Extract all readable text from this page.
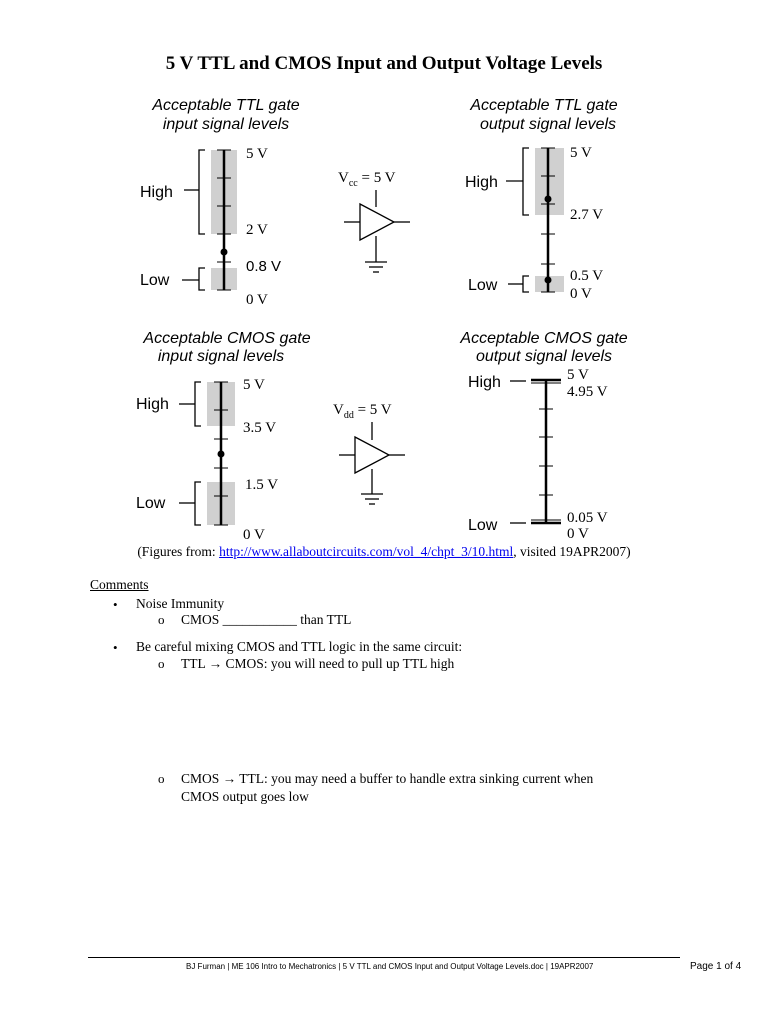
5 V TTL and CMOS Input and Output Voltage Levels
Acceptable TTL gate
input signal levels
Acceptable TTL gate
output signal levels
Acceptable CMOS gate
input signal levels
Acceptable CMOS gate
output signal levels
High
Low
5 V
2 V
0.8 V
0 V
$V_{cc} = 5$ V	High
Low
5 V
2.7 V
0.5 V
0 V
High
Low
5 V
3.5 V
1.5 V
0 V
$V_{dd} = 5$ V
High
Low
5 V
4.95 V
0.05 V
0 V
(Figures from: http://www.allaboutcircuits.com/vol_4/chpt_3/10.html, visited 19APR2007)
Comments
• Noise Immunity
o CMOS ___________ than TTL
• Be careful mixing CMOS and TTL logic in the same circuit:
o TTL → CMOS: you will need to pull up TTL high
o CMOS → TTL: you may need a buffer to handle extra sinking current when
CMOS output goes low
BJ Furman | ME 106 Intro to Mechatronics | 5 V TTL and CMOS Input and Output Voltage Levels.doc | 19APR2007	Page 1 of 4
